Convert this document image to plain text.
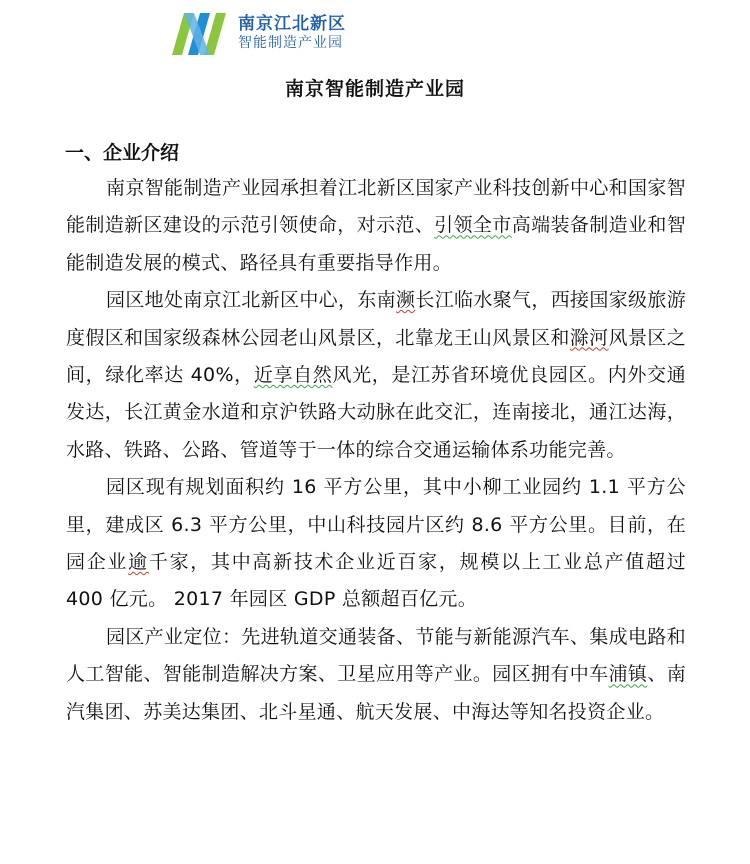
南京江北新区
智能制造产业园
南京智能制造产业园
一、企业介绍

南京智能制造产业园承担着江北新区国家产业科技创新中心和国家智能制造新区建设的示范引领使命，对示范、引领全市高端装备制造业和智能制造发展的模式、路径具有重要指导作用。

园区地处南京江北新区中心，东南濒长江临水聚气，西接国家级旅游度假区和国家级森林公园老山风景区，北靠龙王山风景区和滁河风景区之间，绿化率达 40%，近享自然风光，是江苏省环境优良园区。内外交通发达，长江黄金水道和京沪铁路大动脉在此交汇，连南接北，通江达海，水路、铁路、公路、管道等于一体的综合交通运输体系功能完善。

园区现有规划面积约 16 平方公里，其中小柳工业园约 1.1 平方公里，建成区 6.3 平方公里，中山科技园片区约 8.6 平方公里。目前，在园企业逾千家，其中高新技术企业近百家，规模以上工业总产值超过 400 亿元。 2017 年园区 GDP 总额超百亿元。

园区产业定位：先进轨道交通装备、节能与新能源汽车、集成电路和人工智能、智能制造解决方案、卫星应用等产业。园区拥有中车浦镇、南汽集团、苏美达集团、北斗星通、航天发展、中海达等知名投资企业。
